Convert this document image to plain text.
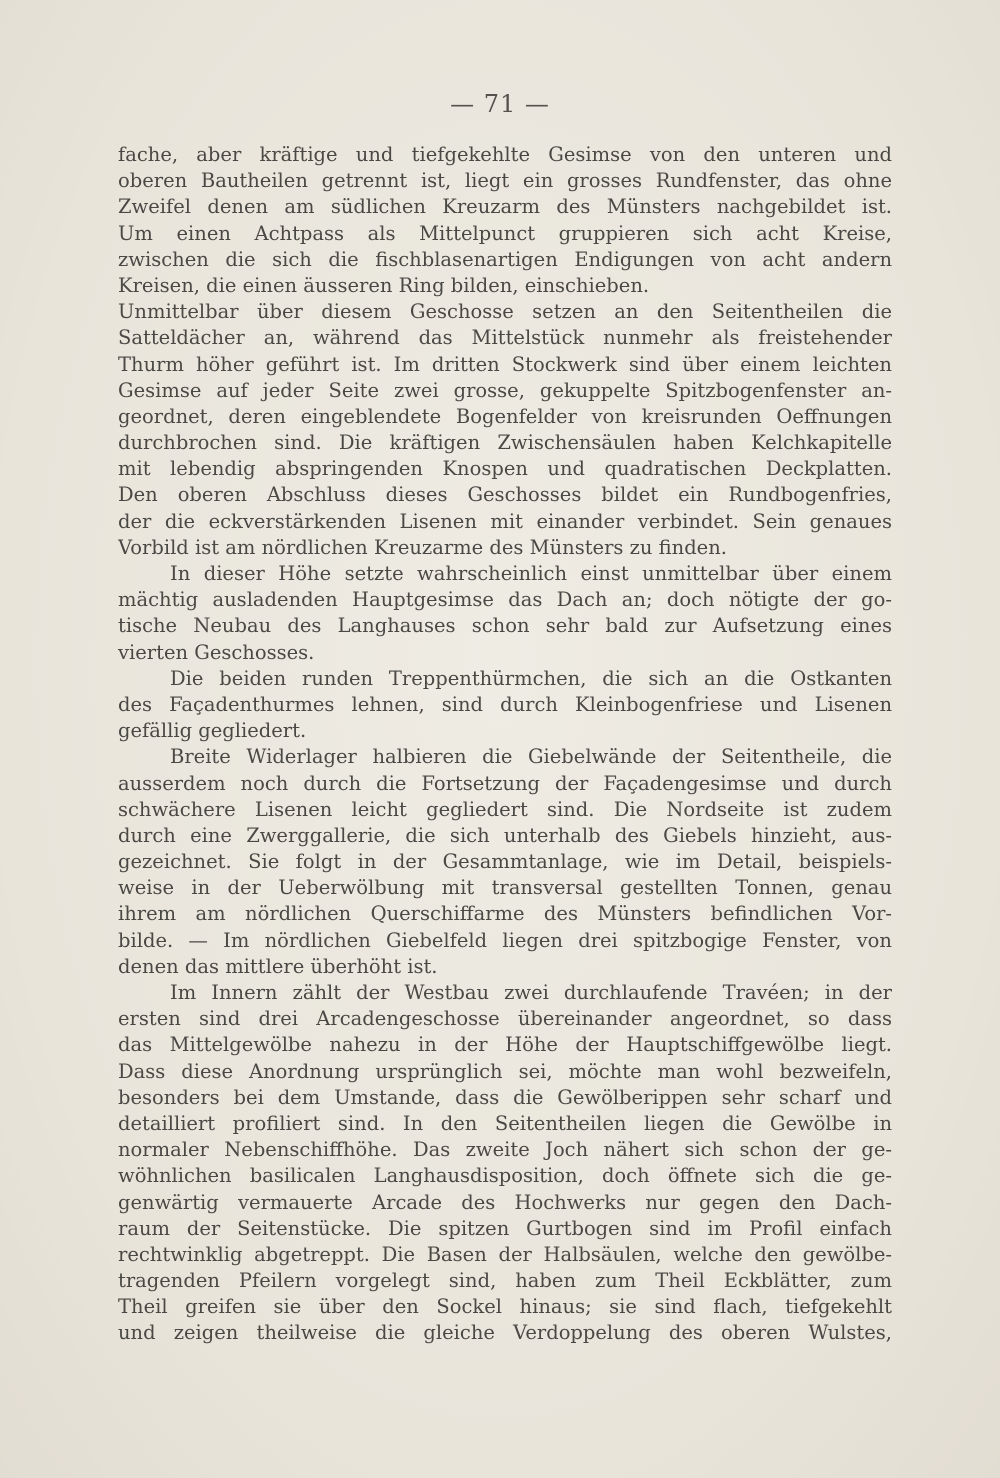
— 71 —
fache, aber kräftige und tiefgekehlte Gesimse von den unteren und
oberen Bautheilen getrennt ist, liegt ein grosses Rundfenster, das ohne
Zweifel denen am südlichen Kreuzarm des Münsters nachgebildet ist.
Um einen Achtpass als Mittelpunct gruppieren sich acht Kreise,
zwischen die sich die fischblasenartigen Endigungen von acht andern
Kreisen, die einen äusseren Ring bilden, einschieben.
Unmittelbar über diesem Geschosse setzen an den Seitentheilen die
Satteldächer an, während das Mittelstück nunmehr als freistehender
Thurm höher geführt ist. Im dritten Stockwerk sind über einem leichten
Gesimse auf jeder Seite zwei grosse, gekuppelte Spitzbogenfenster an-
geordnet, deren eingeblendete Bogenfelder von kreisrunden Oeffnungen
durchbrochen sind. Die kräftigen Zwischensäulen haben Kelchkapitelle
mit lebendig abspringenden Knospen und quadratischen Deckplatten.
Den oberen Abschluss dieses Geschosses bildet ein Rundbogenfries,
der die eckverstärkenden Lisenen mit einander verbindet. Sein genaues
Vorbild ist am nördlichen Kreuzarme des Münsters zu finden.
In dieser Höhe setzte wahrscheinlich einst unmittelbar über einem
mächtig ausladenden Hauptgesimse das Dach an; doch nötigte der go-
tische Neubau des Langhauses schon sehr bald zur Aufsetzung eines
vierten Geschosses.
Die beiden runden Treppenthürmchen, die sich an die Ostkanten
des Façadenthurmes lehnen, sind durch Kleinbogenfriese und Lisenen
gefällig gegliedert.
Breite Widerlager halbieren die Giebelwände der Seitentheile, die
ausserdem noch durch die Fortsetzung der Façadengesimse und durch
schwächere Lisenen leicht gegliedert sind. Die Nordseite ist zudem
durch eine Zwerggallerie, die sich unterhalb des Giebels hinzieht, aus-
gezeichnet. Sie folgt in der Gesammtanlage, wie im Detail, beispiels-
weise in der Ueberwölbung mit transversal gestellten Tonnen, genau
ihrem am nördlichen Querschiffarme des Münsters befindlichen Vor-
bilde. — Im nördlichen Giebelfeld liegen drei spitzbogige Fenster, von
denen das mittlere überhöht ist.
Im Innern zählt der Westbau zwei durchlaufende Travéen; in der
ersten sind drei Arcadengeschosse übereinander angeordnet, so dass
das Mittelgewölbe nahezu in der Höhe der Hauptschiffgewölbe liegt.
Dass diese Anordnung ursprünglich sei, möchte man wohl bezweifeln,
besonders bei dem Umstande, dass die Gewölberippen sehr scharf und
detailliert profiliert sind. In den Seitentheilen liegen die Gewölbe in
normaler Nebenschiffhöhe. Das zweite Joch nähert sich schon der ge-
wöhnlichen basilicalen Langhausdisposition, doch öffnete sich die ge-
genwärtig vermauerte Arcade des Hochwerks nur gegen den Dach-
raum der Seitenstücke. Die spitzen Gurtbogen sind im Profil einfach
rechtwinklig abgetreppt. Die Basen der Halbsäulen, welche den gewölbe-
tragenden Pfeilern vorgelegt sind, haben zum Theil Eckblätter, zum
Theil greifen sie über den Sockel hinaus; sie sind flach, tiefgekehlt
und zeigen theilweise die gleiche Verdoppelung des oberen Wulstes,
